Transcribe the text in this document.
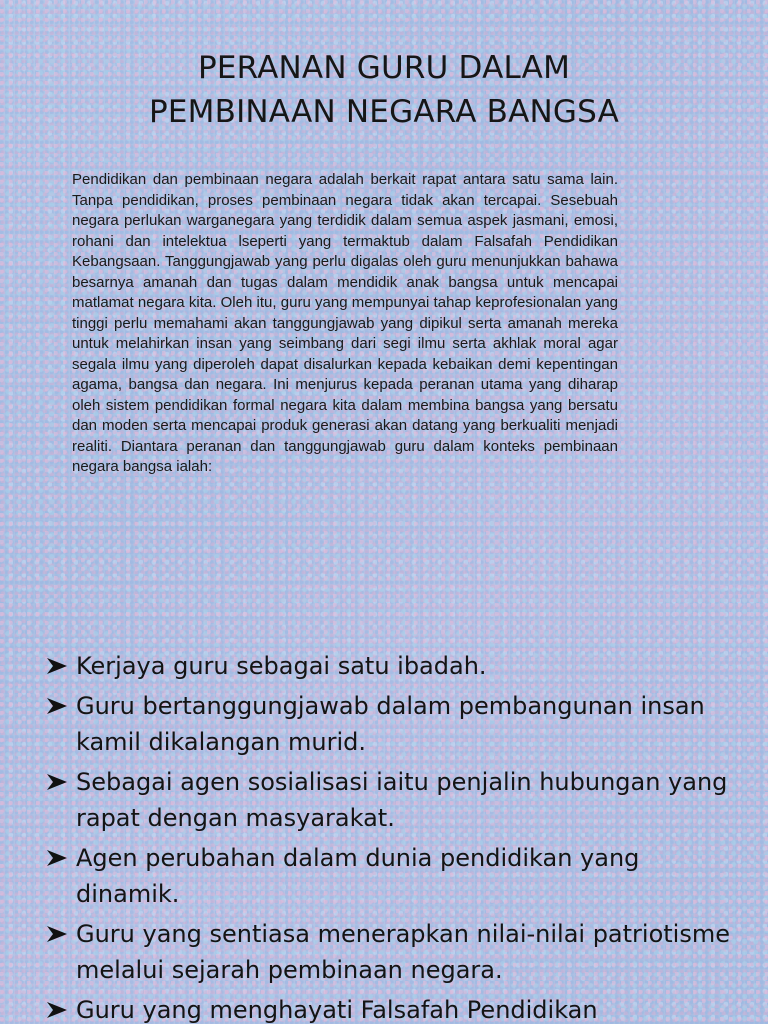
PERANAN GURU DALAM
PEMBINAAN NEGARA BANGSA

Pendidikan dan pembinaan negara adalah berkait rapat antara satu sama lain. Tanpa pendidikan, proses pembinaan negara tidak akan tercapai. Sesebuah negara perlukan warganegara yang terdidik dalam semua aspek jasmani, emosi, rohani dan intelektua lseperti yang termaktub dalam Falsafah Pendidikan Kebangsaan. Tanggungjawab yang perlu digalas oleh guru menunjukkan bahawa besarnya amanah dan tugas dalam mendidik anak bangsa untuk mencapai matlamat negara kita. Oleh itu, guru yang mempunyai tahap keprofesionalan yang tinggi perlu memahami akan tanggungjawab yang dipikul serta amanah mereka untuk melahirkan insan yang seimbang dari segi ilmu serta akhlak moral agar segala ilmu yang diperoleh dapat disalurkan kepada kebaikan demi kepentingan agama, bangsa dan negara. Ini menjurus kepada peranan utama yang diharap oleh sistem pendidikan formal negara kita dalam membina bangsa yang bersatu dan moden serta mencapai produk generasi akan datang yang berkualiti menjadi realiti. Diantara peranan dan tanggungjawab guru dalam konteks pembinaan negara bangsa ialah:

Kerjaya guru sebagai satu ibadah.
Guru bertanggungjawab dalam pembangunan insan kamil dikalangan murid.
Sebagai agen sosialisasi iaitu penjalin hubungan yang rapat dengan masyarakat.
Agen perubahan dalam dunia pendidikan yang dinamik.
Guru yang sentiasa menerapkan nilai-nilai patriotisme melalui sejarah pembinaan negara.
Guru yang menghayati Falsafah Pendidikan
